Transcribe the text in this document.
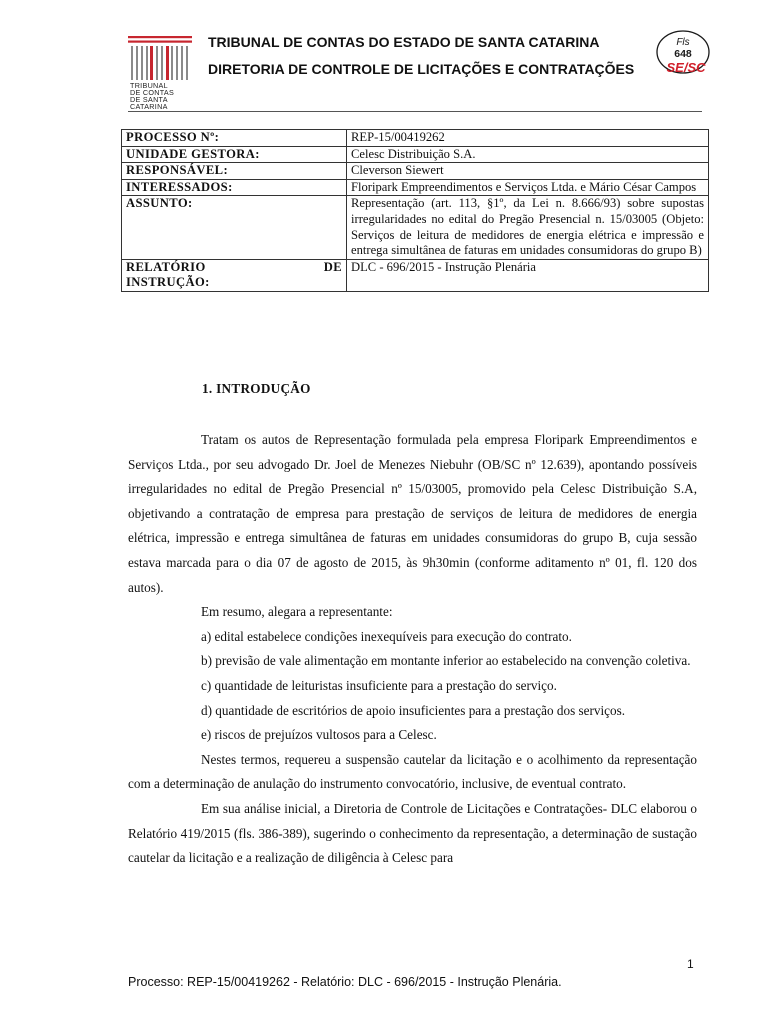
TRIBUNAL
DE CONTAS
DE SANTA
CATARINA
TRIBUNAL DE CONTAS DO ESTADO DE SANTA CATARINA
DIRETORIA DE CONTROLE DE LICITAÇÕES E CONTRATAÇÕES
Fls
648
SE/SC
PROCESSO Nº:	REP-15/00419262
UNIDADE GESTORA:	Celesc Distribuição S.A.
RESPONSÁVEL:	Cleverson Siewert
INTERESSADOS:	Floripark Empreendimentos e Serviços Ltda. e Mário César Campos
ASSUNTO:	Representação (art. 113, §1º, da Lei n. 8.666/93) sobre supostas irregularidades no edital do Pregão Presencial n. 15/03005 (Objeto: Serviços de leitura de medidores de energia elétrica e impressão e entrega simultânea de faturas em unidades consumidoras do grupo B)

RELATÓRIO DE
INSTRUÇÃO:	DLC - 696/2015 - Instrução Plenária
1. INTRODUÇÃO

Tratam os autos de Representação formulada pela empresa Floripark Empreendimentos e Serviços Ltda., por seu advogado Dr. Joel de Menezes Niebuhr (OB/SC nº 12.639), apontando possíveis irregularidades no edital de Pregão Presencial nº 15/03005, promovido pela Celesc Distribuição S.A, objetivando a contratação de empresa para prestação de serviços de leitura de medidores de energia elétrica, impressão e entrega simultânea de faturas em unidades consumidoras do grupo B, cuja sessão estava marcada para o dia 07 de agosto de 2015, às 9h30min (conforme aditamento nº 01, fl. 120 dos autos).

Em resumo, alegara a representante:

a) edital estabelece condições inexequíveis para execução do contrato.

b) previsão de vale alimentação em montante inferior ao estabelecido na convenção coletiva.

c) quantidade de leituristas insuficiente para a prestação do serviço.

d) quantidade de escritórios de apoio insuficientes para a prestação dos serviços.

e) riscos de prejuízos vultosos para a Celesc.

Nestes termos, requereu a suspensão cautelar da licitação e o acolhimento da representação com a determinação de anulação do instrumento convocatório, inclusive, de eventual contrato.

Em sua análise inicial, a Diretoria de Controle de Licitações e Contratações- DLC elaborou o Relatório 419/2015 (fls. 386-389), sugerindo o conhecimento da representação, a determinação de sustação cautelar da licitação e a realização de diligência à Celesc para

1
Processo: REP-15/00419262 - Relatório: DLC - 696/2015 - Instrução Plenária.
